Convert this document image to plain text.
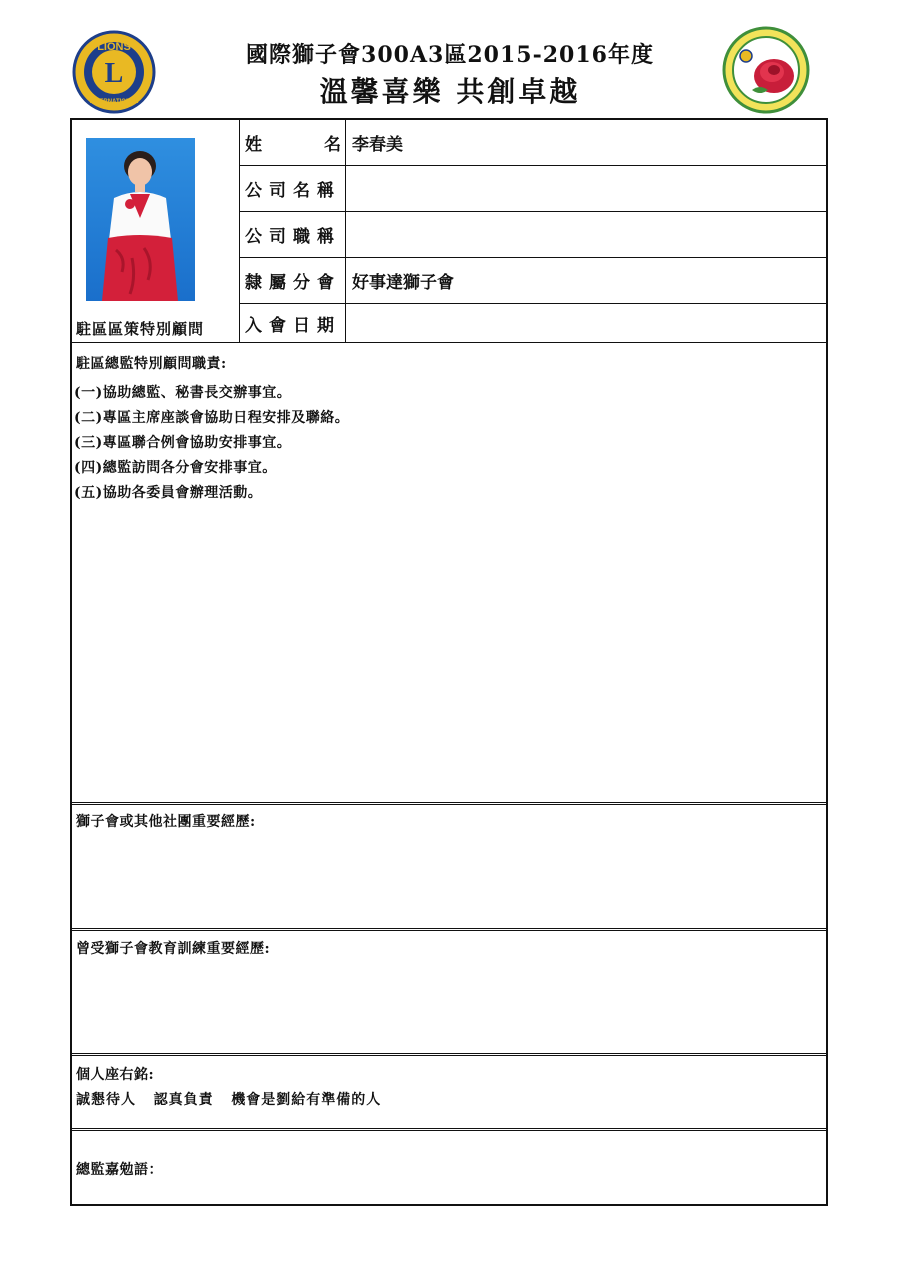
L
LIONS
INTERNATIONAL
國際獅子會300A3區2015-2016年度
溫馨喜樂 共創卓越
駐區區策特別顧問
姓	名 李春美
公司名稱
公司職稱
隸屬分會 好事達獅子會
入會日期
駐區總監特別顧問職責:
(一)協助總監、秘書長交辦事宜。
(二)專區主席座談會協助日程安排及聯絡。
(三)專區聯合例會協助安排事宜。
(四)總監訪問各分會安排事宜。
(五)協助各委員會辦理活動。
獅子會或其他社團重要經歷:
曾受獅子會教育訓練重要經歷:
個人座右銘:
誠懇待人   認真負責   機會是劉給有準備的人
總監嘉勉語：
